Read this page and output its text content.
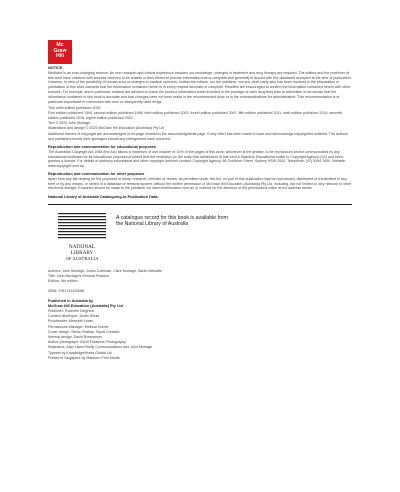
Mc
Graw
Hill
NOTICE

Medicine is an ever-changing science. As new research and clinical experience broaden our knowledge, changes in treatment and drug therapy are required. The editors and the publisher of this work have checked with sources believed to be reliable in their efforts to provide information that is complete and generally in accord with the standards accepted at the time of publication. However, in view of the possibility of human error or changes in medical sciences, neither the editors, nor the publisher, nor any other party who has been involved in the preparation or publication of this work warrants that the information contained herein is in every respect accurate or complete. Readers are encouraged to confirm the information contained herein with other sources. For example, and in particular, readers are advised to check the product information sheet included in the package of each drug they plan to administer to be certain that the information contained in this book is accurate and that changes have not been made in the recommended dose or in the contraindications for administration. This recommendation is of particular importance in connection with new or infrequently used drugs.

This ninth edition published 2025

First edition published 1994, second edition published 1998, third edition published 2003, fourth edition published 2007, fifth edition published 2011, sixth edition published 2015, seventh edition published 2018, eighth edition published 2022

Text © 2025 John Murtagh

Illustrations and design © 2025 McGraw Hill Education (Australia) Pty Ltd

Additional owners of copyright are acknowledged in on-page credits/on the acknowledgments page. Every effort has been made to trace and acknowledge copyrighted material. The authors and publishers tender their apologies should any infringement have occurred.

Reproduction and communication for educational purposes

The Australian Copyright Act 1968 (the Act) allows a maximum of one chapter or 10% of the pages of this work, whichever is the greater, to be reproduced and/or communicated by any educational institution for its educational purposes provided that the institution (or the body that administers it) has sent a Statutory Educational notice to Copyright Agency (CA) and been granted a licence. For details of statutory educational and other copyright licences contact: Copyright Agency, 66 Goulburn Street, Sydney NSW 2000. Telephone: (02) 9394 7600. Website: www.copyright.com.au

Reproduction and communication for other purposes

Apart from any fair dealing for the purposes of study, research, criticism or review, as permitted under the Act, no part of this publication may be reproduced, distributed or transmitted in any form or by any means, or stored in a database or retrieval system, without the written permission of McGraw Hill Education (Australia) Pty Ltd, including, but not limited to, any network or other electronic storage. Enquiries should be made to the publisher via www.mheducation.com.au or marked for the attention of the permissions editor at the address below.

National Library of Australia Cataloguing-in-Publication Data:
NATIONAL
LIBRARY
OF AUSTRALIA
A catalogue record for this book is available from the National Library of Australia

Authors: John Murtagh, Justin Coleman, Clare Murtagh, Sarah Metcalfe

Title: John Murtagh’s General Practice

Edition: 9th edition

ISBN: 9781743100058

Published in Australia by
McGraw Hill Education (Australia) Pty Ltd

Publisher: Rochelle Deighton

Content developer: Justin Wicks

Proofreader: Meredith Lewin

Permissions Manager: Melissa Homer

Cover design: Simon Rattray, Squirt Creative

Internal design: David Rosemeyer

Author photograph: Gerrit Fokkema Photography

Illustrators: Alan Laver/Shelly Communications and John Murtagh

Typeset by KnowledgeWorks Global Ltd

Printed in Singapore by Markono Print Media
